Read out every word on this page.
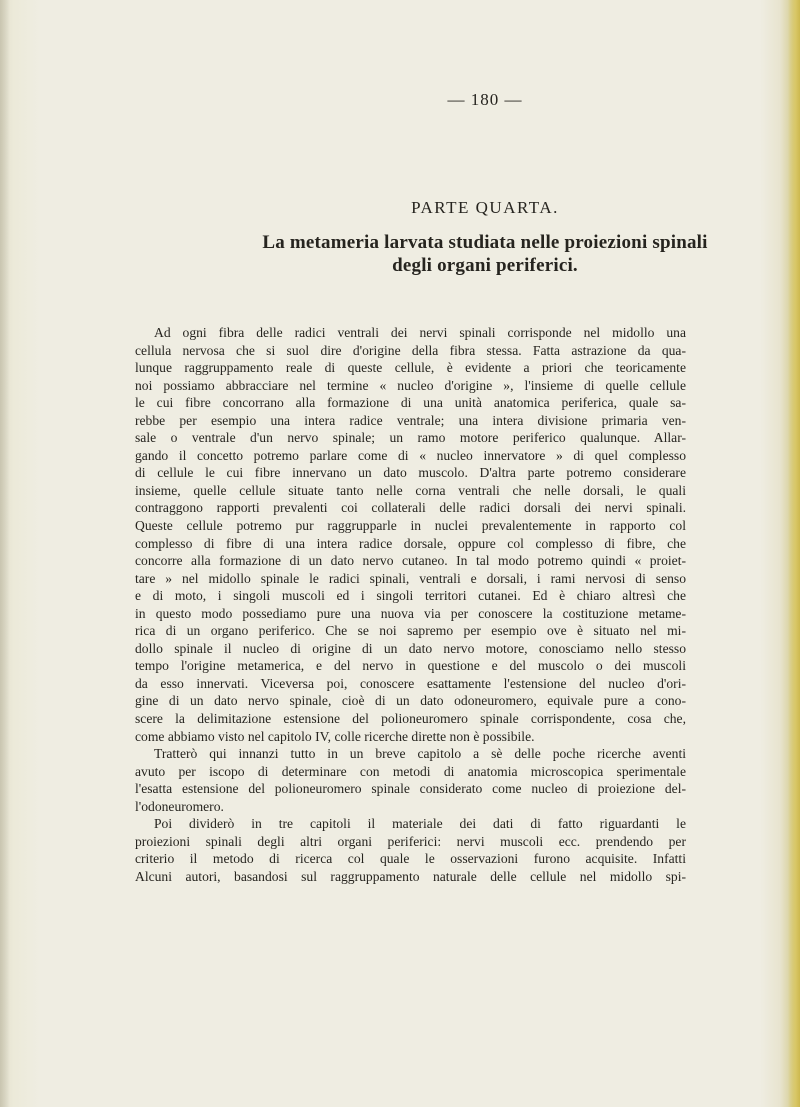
— 180 —
PARTE QUARTA.
La metameria larvata studiata nelle proiezioni spinali
degli organi periferici.
Ad ogni fibra delle radici ventrali dei nervi spinali corrisponde nel midollo una
cellula nervosa che si suol dire d'origine della fibra stessa. Fatta astrazione da qua-
lunque raggruppamento reale di queste cellule, è evidente a priori che teoricamente
noi possiamo abbracciare nel termine « nucleo d'origine », l'insieme di quelle cellule
le cui fibre concorrano alla formazione di una unità anatomica periferica, quale sa-
rebbe per esempio una intera radice ventrale; una intera divisione primaria ven-
sale o ventrale d'un nervo spinale; un ramo motore periferico qualunque. Allar-
gando il concetto potremo parlare come di « nucleo innervatore » di quel complesso
di cellule le cui fibre innervano un dato muscolo. D'altra parte potremo considerare
insieme, quelle cellule situate tanto nelle corna ventrali che nelle dorsali, le quali
contraggono rapporti prevalenti coi collaterali delle radici dorsali dei nervi spinali.
Queste cellule potremo pur raggrupparle in nuclei prevalentemente in rapporto col
complesso di fibre di una intera radice dorsale, oppure col complesso di fibre, che
concorre alla formazione di un dato nervo cutaneo. In tal modo potremo quindi « proiet-
tare » nel midollo spinale le radici spinali, ventrali e dorsali, i rami nervosi di senso
e di moto, i singoli muscoli ed i singoli territori cutanei. Ed è chiaro altresì che
in questo modo possediamo pure una nuova via per conoscere la costituzione metame-
rica di un organo periferico. Che se noi sapremo per esempio ove è situato nel mi-
dollo spinale il nucleo di origine di un dato nervo motore, conosciamo nello stesso
tempo l'origine metamerica, e del nervo in questione e del muscolo o dei muscoli
da esso innervati. Viceversa poi, conoscere esattamente l'estensione del nucleo d'ori-
gine di un dato nervo spinale, cioè di un dato odoneuromero, equivale pure a cono-
scere la delimitazione estensione del polioneuromero spinale corrispondente, cosa che,
come abbiamo visto nel capitolo IV, colle ricerche dirette non è possibile.
Tratterò qui innanzi tutto in un breve capitolo a sè delle poche ricerche aventi
avuto per iscopo di determinare con metodi di anatomia microscopica sperimentale
l'esatta estensione del polioneuromero spinale considerato come nucleo di proiezione del-
l'odoneuromero.
Poi dividerò in tre capitoli il materiale dei dati di fatto riguardanti le
proiezioni spinali degli altri organi periferici: nervi muscoli ecc. prendendo per
criterio il metodo di ricerca col quale le osservazioni furono acquisite. Infatti
Alcuni autori, basandosi sul raggruppamento naturale delle cellule nel midollo spi-
